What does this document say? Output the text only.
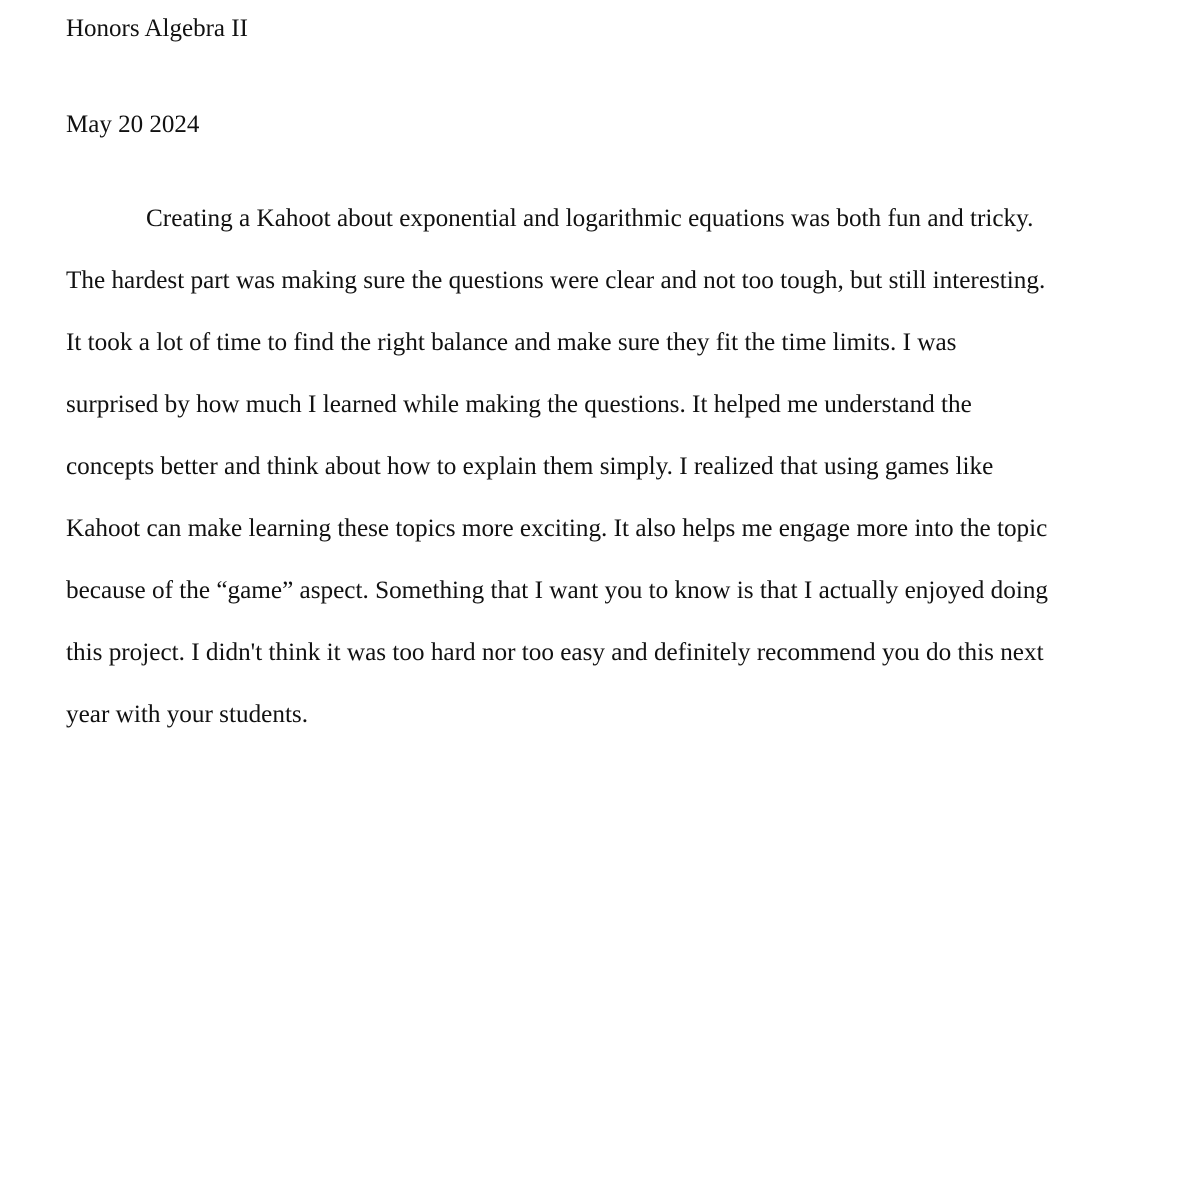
Honors Algebra II

May 20 2024

Creating a Kahoot about exponential and logarithmic equations was both fun and tricky.

The hardest part was making sure the questions were clear and not too tough, but still interesting.

It took a lot of time to find the right balance and make sure they fit the time limits. I was

surprised by how much I learned while making the questions. It helped me understand the

concepts better and think about how to explain them simply. I realized that using games like

Kahoot can make learning these topics more exciting. It also helps me engage more into the topic

because of the “game” aspect. Something that I want you to know is that I actually enjoyed doing

this project. I didn't think it was too hard nor too easy and definitely recommend you do this next

year with your students.
